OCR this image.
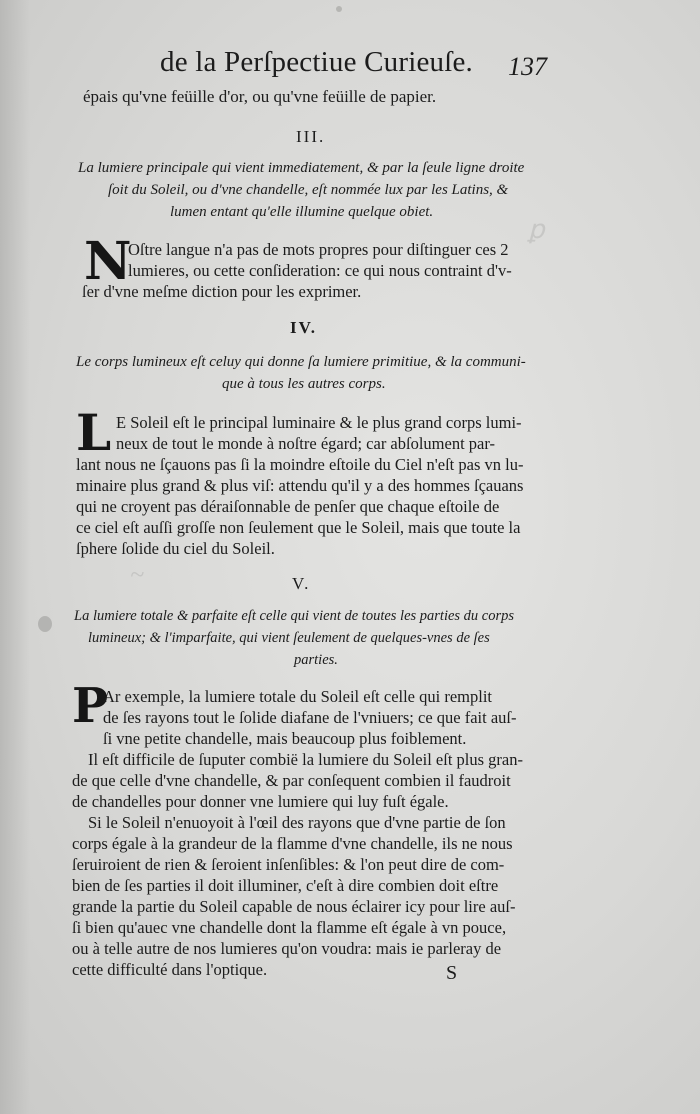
ꝑ
~
de la Perſpectiue Curieuſe.	137
épais qu'vne feüille d'or, ou qu'vne feüille de papier.
III.
La lumiere principale qui vient immediatement, & par la ſeule ligne droite
ſoit du Soleil, ou d'vne chandelle, eſt nommée lux par les Latins, &
lumen entant qu'elle illumine quelque obiet.
N
Oſtre langue n'a pas de mots propres pour diſtinguer ces 2
lumieres, ou cette conſideration: ce qui nous contraint d'v-
ſer d'vne meſme diction pour les exprimer.
IV.
Le corps lumineux eſt celuy qui donne ſa lumiere primitiue, & la communi-
que à tous les autres corps.
L E Soleil eſt le principal luminaire & le plus grand corps lumi-
neux de tout le monde à noſtre égard; car abſolument par-
lant nous ne ſçauons pas ſi la moindre eſtoile du Ciel n'eſt pas vn lu-
minaire plus grand & plus viſ: attendu qu'il y a des hommes ſçauans
qui ne croyent pas déraiſonnable de penſer que chaque eſtoile de
ce ciel eſt auſſi groſſe non ſeulement que le Soleil, mais que toute la
ſphere ſolide du ciel du Soleil.
V.
La lumiere totale & parfaite eſt celle qui vient de toutes les parties du corps
lumineux; & l'imparfaite, qui vient ſeulement de quelques-vnes de ſes
parties.
P
Ar exemple, la lumiere totale du Soleil eſt celle qui remplit
de ſes rayons tout le ſolide diafane de l'vniuers; ce que fait auſ-
ſi vne petite chandelle, mais beaucoup plus foiblement.
Il eſt difficile de ſuputer combië la lumiere du Soleil eſt plus gran-
de que celle d'vne chandelle, & par conſequent combien il faudroit
de chandelles pour donner vne lumiere qui luy fuſt égale.
Si le Soleil n'enuoyoit à l'œil des rayons que d'vne partie de ſon
corps égale à la grandeur de la flamme d'vne chandelle, ils ne nous
ſeruiroient de rien & ſeroient inſenſibles: & l'on peut dire de com-
bien de ſes parties il doit illuminer, c'eſt à dire combien doit eſtre
grande la partie du Soleil capable de nous éclairer icy pour lire auſ-
ſi bien qu'auec vne chandelle dont la flamme eſt égale à vn pouce,
ou à telle autre de nos lumieres qu'on voudra: mais ie parleray de
cette difficulté dans l'optique.	S
